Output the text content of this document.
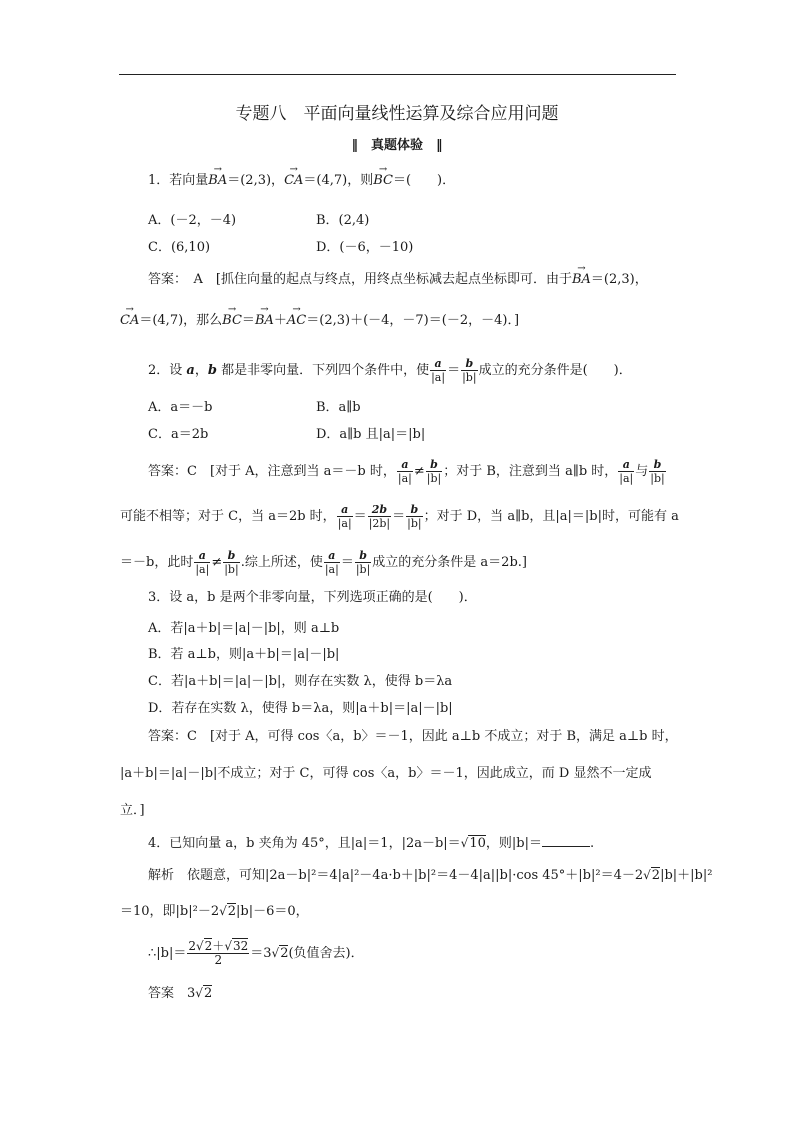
专题八　平面向量线性运算及综合应用问题
‖　真题体验　‖
1．若向量→ BA＝(2,3)，→ CA＝(4,7)，则→ BC＝(　　)．
A．(－2，－4)	B．(2,4)
C．(6,10)	D．(－6，－10)
答案：　A　[抓住向量的起点与终点，用终点坐标减去起点坐标即可．由于→ BA＝(2,3)，
→ CA＝(4,7)，那么→ BC＝→ BA＋→ AC＝(2,3)＋(－4，－7)＝(－2，－4)．]
2．设 a，b 都是非零向量．下列四个条件中，使 $\frac{a}{|a|} = \frac{b}{|b|}$ 成立的充分条件是(　　)．
A．a＝－b	B．a∥b
C．a＝2b	D．a∥b 且|a|＝|b|
答案：C　[对于 A，注意到当 a＝－b 时， $\frac{a}{|a|} \ne \frac{b}{|b|}$ ；对于 B，注意到当 a∥b 时， $\frac{a}{|a|}$ 与 $\frac{b}{|b|}$
可能不相等；对于 C，当 a＝2b 时， $\frac{a}{|a|} = \frac{2b}{|2b|} = \frac{b}{|b|}$ ；对于 D，当 a∥b，且|a|＝|b|时，可能有 a
＝－b，此时 $\frac{a}{|a|} \ne \frac{b}{|b|}$ .综上所述，使 $\frac{a}{|a|} = \frac{b}{|b|}$ 成立的充分条件是 a＝2b.]
3．设 a，b 是两个非零向量，下列选项正确的是(　　)．
A．若|a＋b|＝|a|－|b|，则 a⊥b
B．若 a⊥b，则|a＋b|＝|a|－|b|
C．若|a＋b|＝|a|－|b|，则存在实数 λ，使得 b＝λa
D．若存在实数 λ，使得 b＝λa，则|a＋b|＝|a|－|b|
答案：C　[对于 A，可得 cos〈a，b〉＝－1，因此 a⊥b 不成立；对于 B，满足 a⊥b 时，
|a＋b|＝|a|－|b|不成立；对于 C，可得 cos〈a，b〉＝－1，因此成立，而 D 显然不一定成
立．]
4．已知向量 a，b 夹角为 45°，且|a|＝1，|2a－b|＝√10，则|b|＝	.
解析　依题意，可知|2a－b|²＝4|a|²－4a·b＋|b|²＝4－4|a||b|·cos 45°＋|b|²＝4－2√2|b|＋|b|²
＝10，即|b|²－2√2|b|－6＝0，
∴|b|＝ $\frac{2√2+√32}{2} =3√2$(负值舍去)．
答案　3√2
